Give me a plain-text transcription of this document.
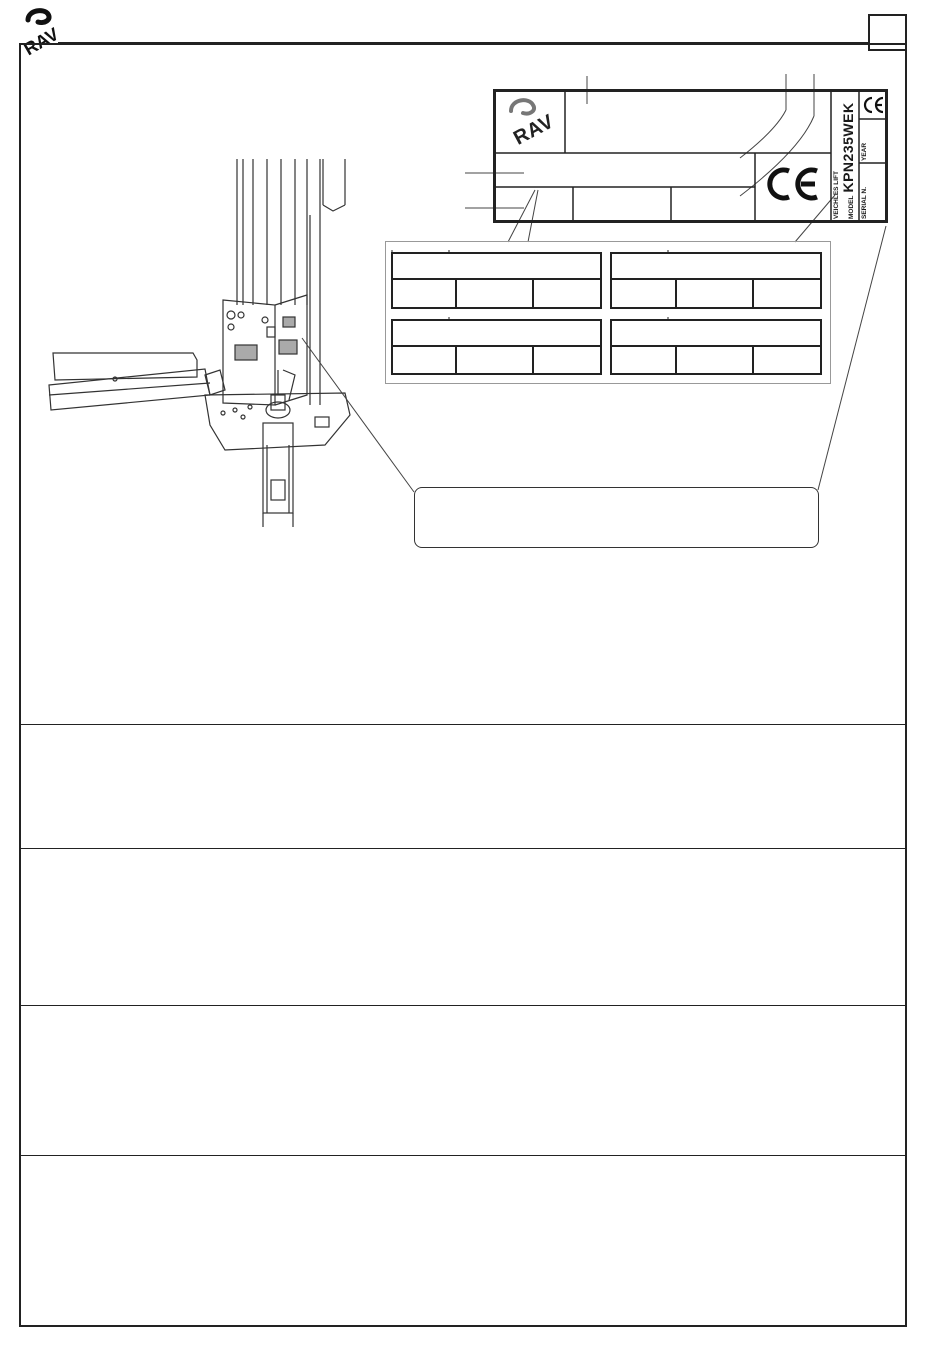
RAV
RAV
VEICHLES LIFT MODEL
KPN235WEK
SERIAL N.
YEAR
